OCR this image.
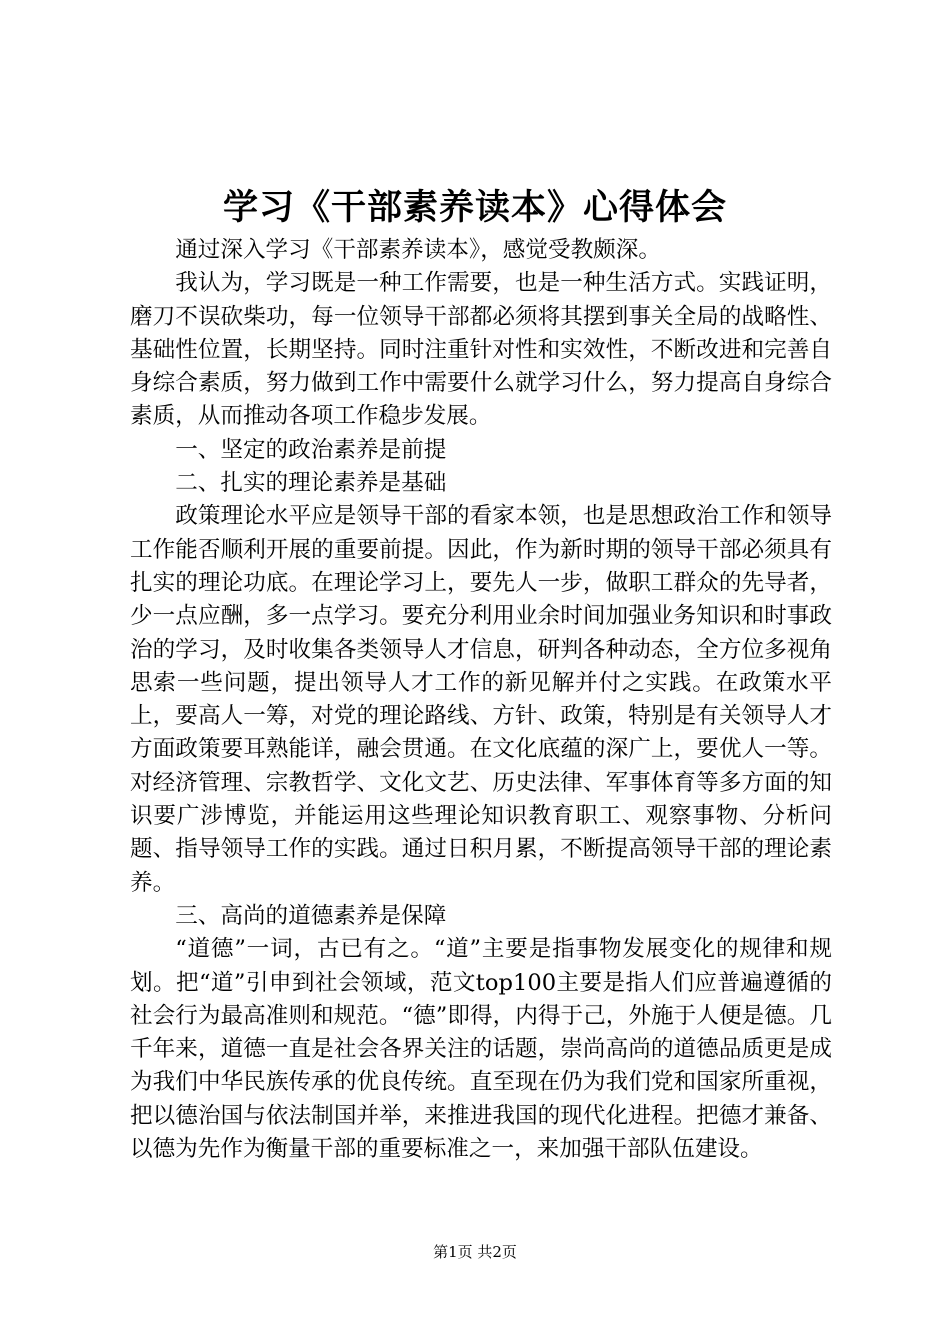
学习《干部素养读本》心得体会

通过深入学习《干部素养读本》，感觉受教颇深。

我认为，学习既是一种工作需要，也是一种生活方式。实践证明，磨刀不误砍柴功，每一位领导干部都必须将其摆到事关全局的战略性、基础性位置，长期坚持。同时注重针对性和实效性，不断改进和完善自身综合素质，努力做到工作中需要什么就学习什么，努力提高自身综合素质，从而推动各项工作稳步发展。

一、坚定的政治素养是前提

二、扎实的理论素养是基础

政策理论水平应是领导干部的看家本领，也是思想政治工作和领导工作能否顺利开展的重要前提。因此，作为新时期的领导干部必须具有扎实的理论功底。在理论学习上，要先人一步，做职工群众的先导者，少一点应酬，多一点学习。要充分利用业余时间加强业务知识和时事政治的学习，及时收集各类领导人才信息，研判各种动态，全方位多视角思索一些问题，提出领导人才工作的新见解并付之实践。在政策水平上，要高人一筹，对党的理论路线、方针、政策，特别是有关领导人才方面政策要耳熟能详，融会贯通。在文化底蕴的深广上，要优人一等。对经济管理、宗教哲学、文化文艺、历史法律、军事体育等多方面的知识要广涉博览，并能运用这些理论知识教育职工、观察事物、分析问题、指导领导工作的实践。通过日积月累，不断提高领导干部的理论素养。

三、高尚的道德素养是保障

“道德”一词，古已有之。“道”主要是指事物发展变化的规律和规划。把“道”引申到社会领域，范文top100主要是指人们应普遍遵循的社会行为最高准则和规范。“德”即得，内得于己，外施于人便是德。几千年来，道德一直是社会各界关注的话题，崇尚高尚的道德品质更是成为我们中华民族传承的优良传统。直至现在仍为我们党和国家所重视，把以德治国与依法制国并举，来推进我国的现代化进程。把德才兼备、以德为先作为衡量干部的重要标准之一，来加强干部队伍建设。

第1页 共2页
